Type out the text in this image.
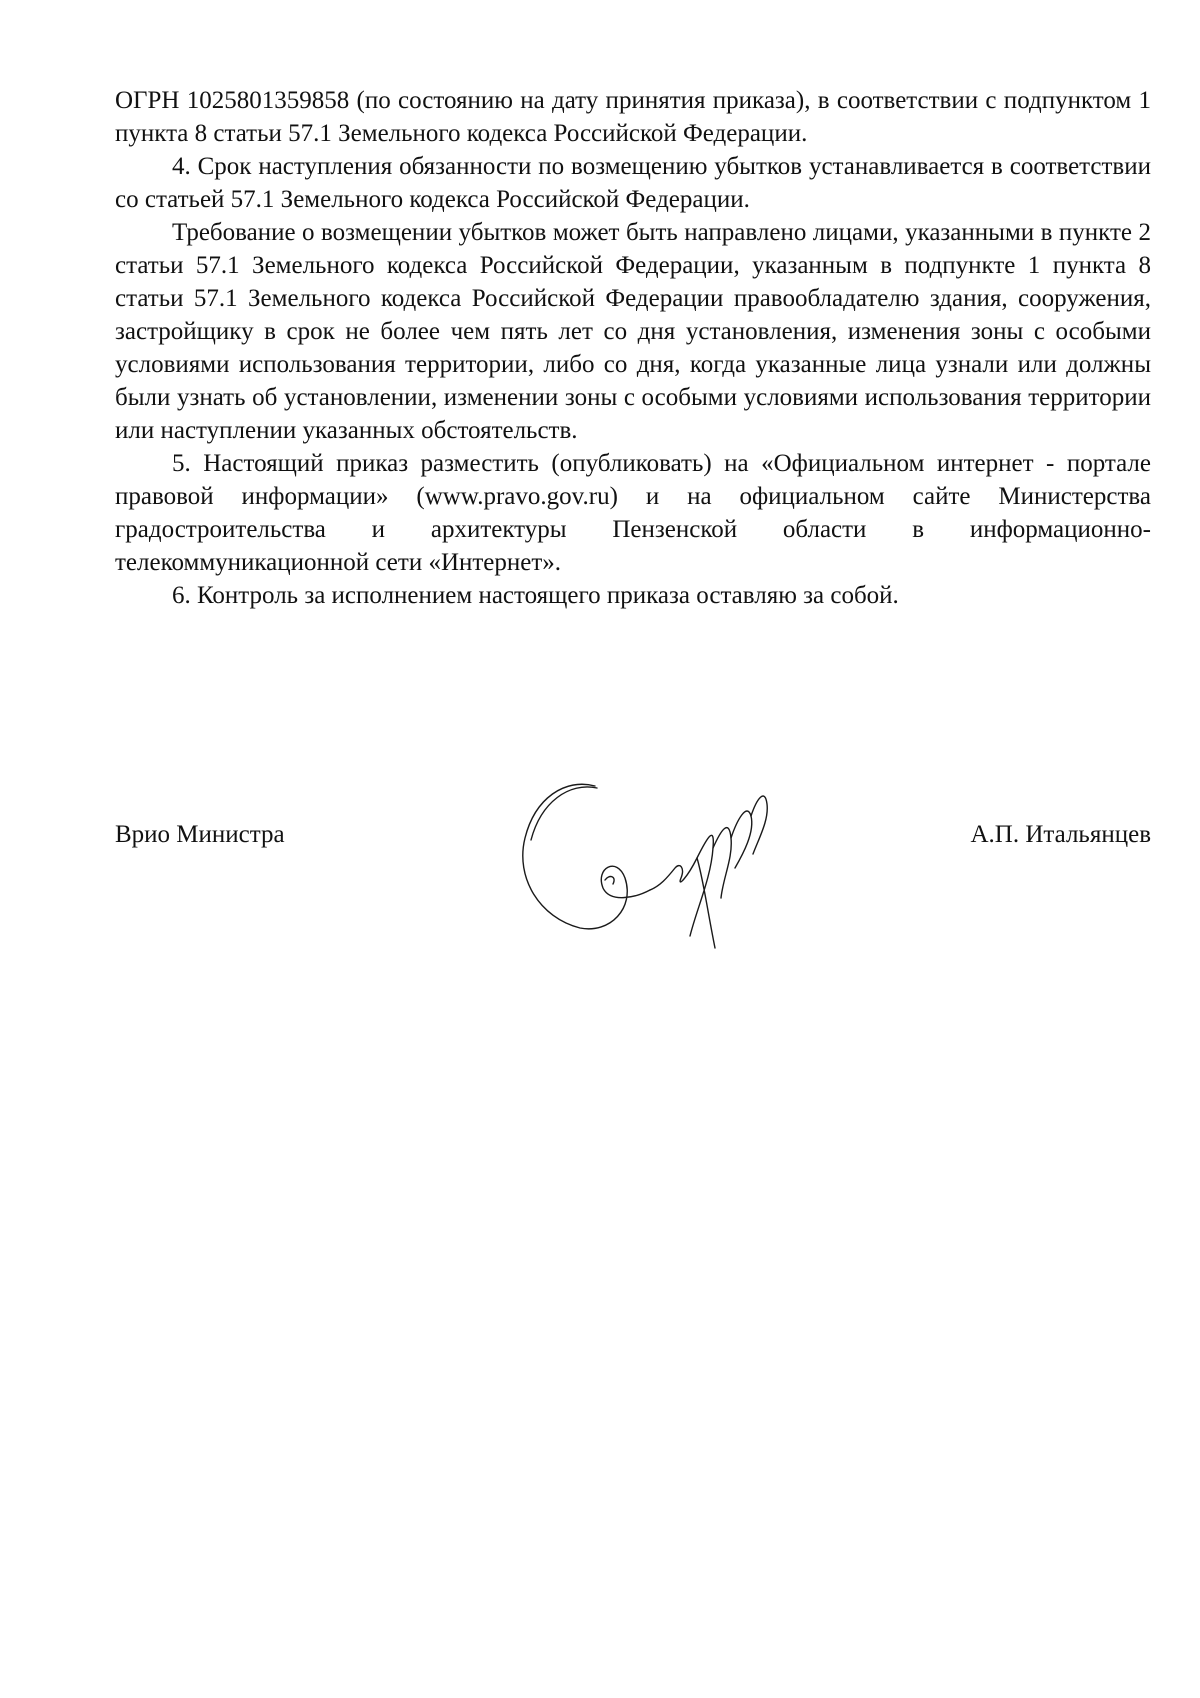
ОГРН 1025801359858 (по состоянию на дату принятия приказа), в соответствии с подпунктом 1 пункта 8 статьи 57.1 Земельного кодекса Российской Федерации.

4. Срок наступления обязанности по возмещению убытков устанавливается в соответствии со статьей 57.1 Земельного кодекса Российской Федерации.

Требование о возмещении убытков может быть направлено лицами, указанными в пункте 2 статьи 57.1 Земельного кодекса Российской Федерации, указанным в подпункте 1 пункта 8 статьи 57.1 Земельного кодекса Российской Федерации правообладателю здания, сооружения, застройщику в срок не более чем пять лет со дня установления, изменения зоны с особыми условиями использования территории, либо со дня, когда указанные лица узнали или должны были узнать об установлении, изменении зоны с особыми условиями использования территории или наступлении указанных обстоятельств.

5. Настоящий приказ разместить (опубликовать) на «Официальном интернет - портале правовой информации» (www.pravo.gov.ru) и на официальном сайте Министерства градостроительства и архитектуры Пензенской области в информационно-телекоммуникационной сети «Интернет».

6. Контроль за исполнением настоящего приказа оставляю за собой.

Врио Министра	А.П. Итальянцев
